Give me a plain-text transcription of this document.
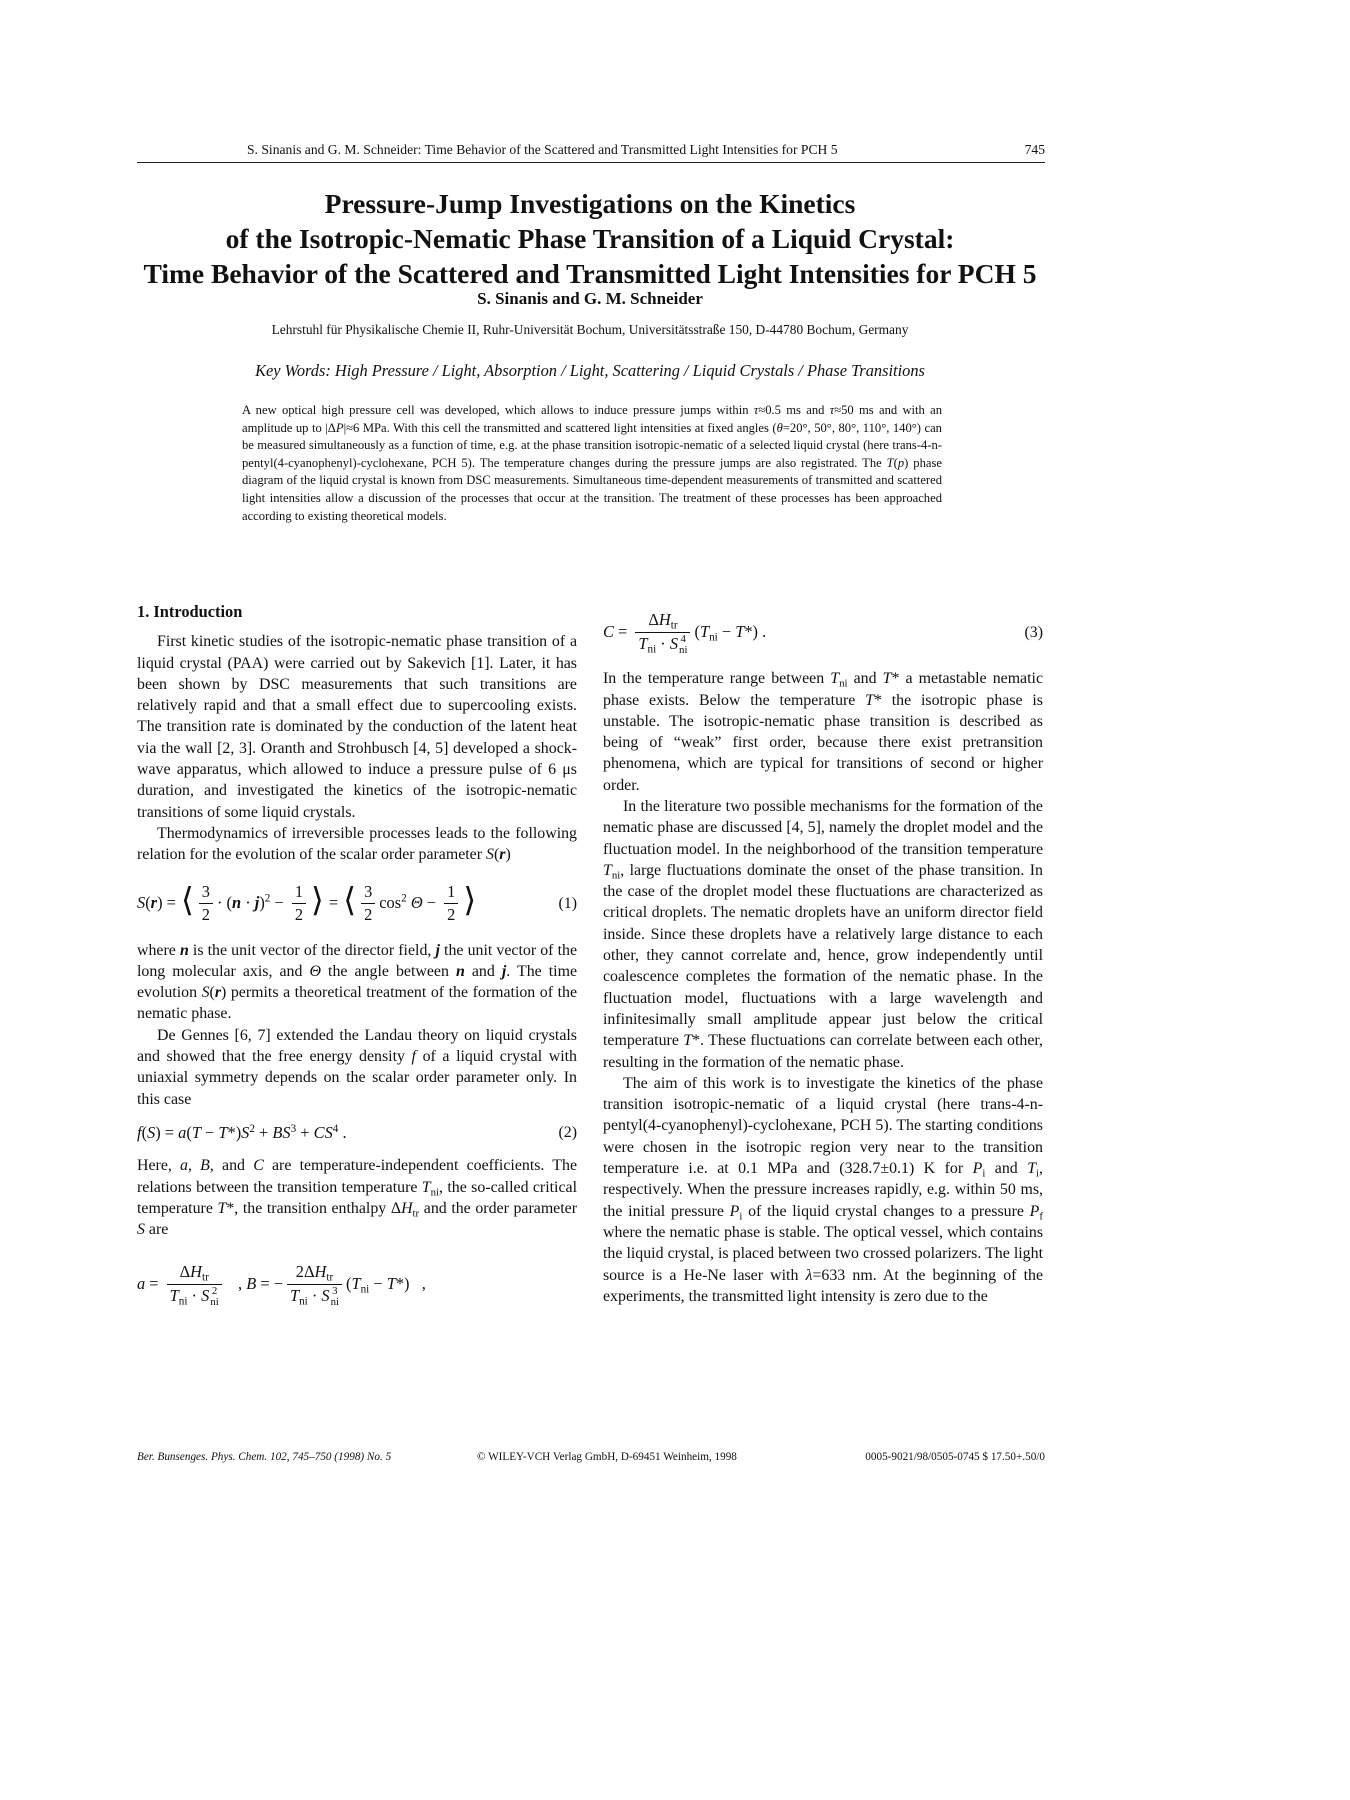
S. Sinanis and G. M. Schneider: Time Behavior of the Scattered and Transmitted Light Intensities for PCH 5	745
Pressure-Jump Investigations on the Kinetics
of the Isotropic-Nematic Phase Transition of a Liquid Crystal:
Time Behavior of the Scattered and Transmitted Light Intensities for PCH 5
S. Sinanis and G. M. Schneider
Lehrstuhl für Physikalische Chemie II, Ruhr-Universität Bochum, Universitätsstraße 150, D-44780 Bochum, Germany
Key Words: High Pressure / Light, Absorption / Light, Scattering / Liquid Crystals / Phase Transitions
A new optical high pressure cell was developed, which allows to induce pressure jumps within τ≈0.5 ms and τ≈50 ms and with an amplitude up to |ΔP|≈6 MPa. With this cell the transmitted and scattered light intensities at fixed angles (θ=20°, 50°, 80°, 110°, 140°) can be measured simultaneously as a function of time, e.g. at the phase transition isotropic-nematic of a selected liquid crystal (here trans-4-n-pentyl(4-cyanophenyl)-cyclohexane, PCH 5). The temperature changes during the pressure jumps are also registrated. The T(p) phase diagram of the liquid crystal is known from DSC measurements. Simultaneous time-dependent measurements of transmitted and scattered light intensities allow a discussion of the processes that occur at the transition. The treatment of these processes has been approached according to existing theoretical models.
1. Introduction

First kinetic studies of the isotropic-nematic phase transition of a liquid crystal (PAA) were carried out by Sakevich [1]. Later, it has been shown by DSC measurements that such transitions are relatively rapid and that a small effect due to supercooling exists. The transition rate is dominated by the conduction of the latent heat via the wall [2, 3]. Oranth and Strohbusch [4, 5] developed a shock-wave apparatus, which allowed to induce a pressure pulse of 6 μs duration, and investigated the kinetics of the isotropic-nematic transitions of some liquid crystals.

Thermodynamics of irreversible processes leads to the following relation for the evolution of the scalar order parameter S(r)

S(r) = ⟨ $\frac{3}{2} \cdot (n \cdot j)^2 - \frac{1}{2}$ ⟩ = ⟨ $\frac{3}{2} \cos^2 \Theta - \frac{1}{2}$ ⟩	(1)

where n is the unit vector of the director field, j the unit vector of the long molecular axis, and Θ the angle between n and j. The time evolution S(r) permits a theoretical treatment of the formation of the nematic phase.

De Gennes [6, 7] extended the Landau theory on liquid crystals and showed that the free energy density f of a liquid crystal with uniaxial symmetry depends on the scalar order parameter only. In this case

$f(S) = a(T - T*)S^2 + BS^3 + CS^4$ .	(2)

Here, a, B, and C are temperature-independent coefficients. The relations between the transition temperature $T_{ni}$, the so-called critical temperature T*, the transition enthalpy $\Delta H_{tr}$ and the order parameter S are

$a = \Delta H_{tr}$
$T_{ni} \cdot S$ 2
ni , B = − $2\Delta H_{tr}$
$T_{ni} \cdot S$ 3
ni $(T_{ni} - T*)$   ,
$C = \Delta H_{tr}$
$T_{ni} \cdot S$ 4
ni $(T_{ni} - T*)$ .	(3)

In the temperature range between $T_{ni}$ and T* a metastable nematic phase exists. Below the temperature T* the isotropic phase is unstable. The isotropic-nematic phase transition is described as being of “weak” first order, because there exist pretransition phenomena, which are typical for transitions of second or higher order.

In the literature two possible mechanisms for the formation of the nematic phase are discussed [4, 5], namely the droplet model and the fluctuation model. In the neighborhood of the transition temperature $T_{ni}$, large fluctuations dominate the onset of the phase transition. In the case of the droplet model these fluctuations are characterized as critical droplets. The nematic droplets have an uniform director field inside. Since these droplets have a relatively large distance to each other, they cannot correlate and, hence, grow independently until coalescence completes the formation of the nematic phase. In the fluctuation model, fluctuations with a large wavelength and infinitesimally small amplitude appear just below the critical temperature T*. These fluctuations can correlate between each other, resulting in the formation of the nematic phase.

The aim of this work is to investigate the kinetics of the phase transition isotropic-nematic of a liquid crystal (here trans-4-n-pentyl(4-cyanophenyl)-cyclohexane, PCH 5). The starting conditions were chosen in the isotropic region very near to the transition temperature i.e. at 0.1 MPa and (328.7±0.1) K for $P_i$ and $T_i$, respectively. When the pressure increases rapidly, e.g. within 50 ms, the initial pressure $P_i$ of the liquid crystal changes to a pressure $P_f$ where the nematic phase is stable. The optical vessel, which contains the liquid crystal, is placed between two crossed polarizers. The light source is a He-Ne laser with λ=633 nm. At the beginning of the experiments, the transmitted light intensity is zero due to the

Ber. Bunsenges. Phys. Chem. 102, 745–750 (1998) No. 5	© WILEY-VCH Verlag GmbH, D-69451 Weinheim, 1998	0005-9021/98/0505-0745 $ 17.50+.50/0
